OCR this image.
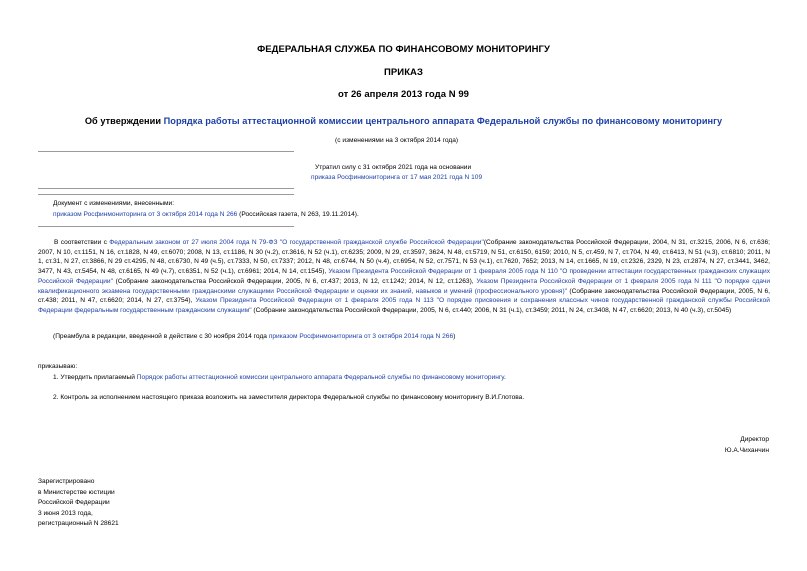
ФЕДЕРАЛЬНАЯ СЛУЖБА ПО ФИНАНСОВОМУ МОНИТОРИНГУ
ПРИКАЗ
от 26 апреля 2013 года N 99
Об утверждении Порядка работы аттестационной комиссии центрального аппарата Федеральной службы по финансовому мониторингу
(с изменениями на 3 октября 2014 года)
Утратил силу с 31 октября 2021 года на основании
приказа Росфинмониторинга от 17 мая 2021 года N 109
Документ с изменениями, внесенными:
приказом Росфинмониторинга от 3 октября 2014 года N 266 (Российская газета, N 263, 19.11.2014).
В соответствии с Федеральным законом от 27 июля 2004 года N 79-ФЗ "О государственной гражданской службе Российской Федерации"(Собрание законодательства Российской Федерации, 2004, N 31, ст.3215, 2006, N 6, ст.636; 2007, N 10, ст.1151, N 16, ст.1828, N 49, ст.6070; 2008, N 13, ст.1186, N 30 (ч.2), ст.3616, N 52 (ч.1), ст.6235; 2009, N 29, ст.3597, 3624, N 48, ст.5719, N 51, ст.6150, 6159; 2010, N 5, ст.459, N 7, ст.704, N 49, ст.6413, N 51 (ч.3), ст.6810; 2011, N 1, ст.31, N 27, ст.3866, N 29 ст.4295, N 48, ст.6730, N 49 (ч.5), ст.7333, N 50, ст.7337; 2012, N 48, ст.6744, N 50 (ч.4), ст.6954, N 52, ст.7571, N 53 (ч.1), ст.7620, 7652; 2013, N 14, ст.1665, N 19, ст.2326, 2329, N 23, ст.2874, N 27, ст.3441, 3462, 3477, N 43, ст.5454, N 48, ст.6165, N 49 (ч.7), ст.6351, N 52 (ч.1), ст.6961; 2014, N 14, ст.1545), Указом Президента Российской Федерации от 1 февраля 2005 года N 110 "О проведении аттестации государственных гражданских служащих Российской Федерации" (Собрание законодательства Российской Федерации, 2005, N 6, ст.437; 2013, N 12, ст.1242; 2014, N 12, ст.1263), Указом Президента Российской Федерации от 1 февраля 2005 года N 111 "О порядке сдачи квалификационного экзамена государственными гражданскими служащими Российской Федерации и оценки их знаний, навыков и умений (профессионального уровня)" (Собрание законодательства Российской Федерации, 2005, N 6, ст.438; 2011, N 47, ст.6620; 2014, N 27, ст.3754), Указом Президента Российской Федерации от 1 февраля 2005 года N 113 "О порядке присвоения и сохранения классных чинов государственной гражданской службы Российской Федерации федеральным государственным гражданским служащим" (Собрание законодательства Российской Федерации, 2005, N 6, ст.440; 2006, N 31 (ч.1), ст.3459; 2011, N 24, ст.3408, N 47, ст.6620; 2013, N 40 (ч.3), ст.5045)
(Преамбула в редакции, введенной в действие с 30 ноября 2014 года приказом Росфинмониторинга от 3 октября 2014 года N 266)
приказываю:
1. Утвердить прилагаемый Порядок работы аттестационной комиссии центрального аппарата Федеральной службы по финансовому мониторингу.
2. Контроль за исполнением настоящего приказа возложить на заместителя директора Федеральной службы по финансовому мониторингу В.И.Глотова.
Директор
Ю.А.Чиханчин
Зарегистрировано
в Министерстве юстиции
Российской Федерации
3 июня 2013 года,
регистрационный N 28621
